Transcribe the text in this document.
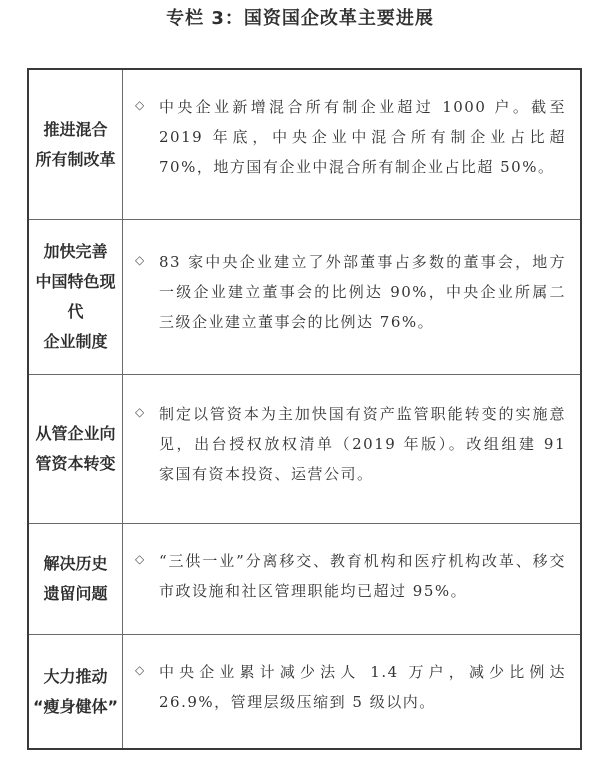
专栏 3：国资国企改革主要进展
推进混合
所有制改革
◇ 中央企业新增混合所有制企业超过 1000 户。截至 2019 年底，中央企业中混合所有制企业占比超 70%，地方国有企业中混合所有制企业占比超 50%。
加快完善
中国特色现代
企业制度
◇ 83 家中央企业建立了外部董事占多数的董事会，地方一级企业建立董事会的比例达 90%，中央企业所属二三级企业建立董事会的比例达 76%。
从管企业向
管资本转变
◇ 制定以管资本为主加快国有资产监管职能转变的实施意见，出台授权放权清单（2019 年版）。改组组建 91 家国有资本投资、运营公司。
解决历史
遗留问题
◇ “三供一业”分离移交、教育机构和医疗机构改革、移交市政设施和社区管理职能均已超过 95%。
大力推动
“瘦身健体”
◇ 中央企业累计减少法人 1.4 万户，减少比例达 26.9%，管理层级压缩到 5 级以内。
